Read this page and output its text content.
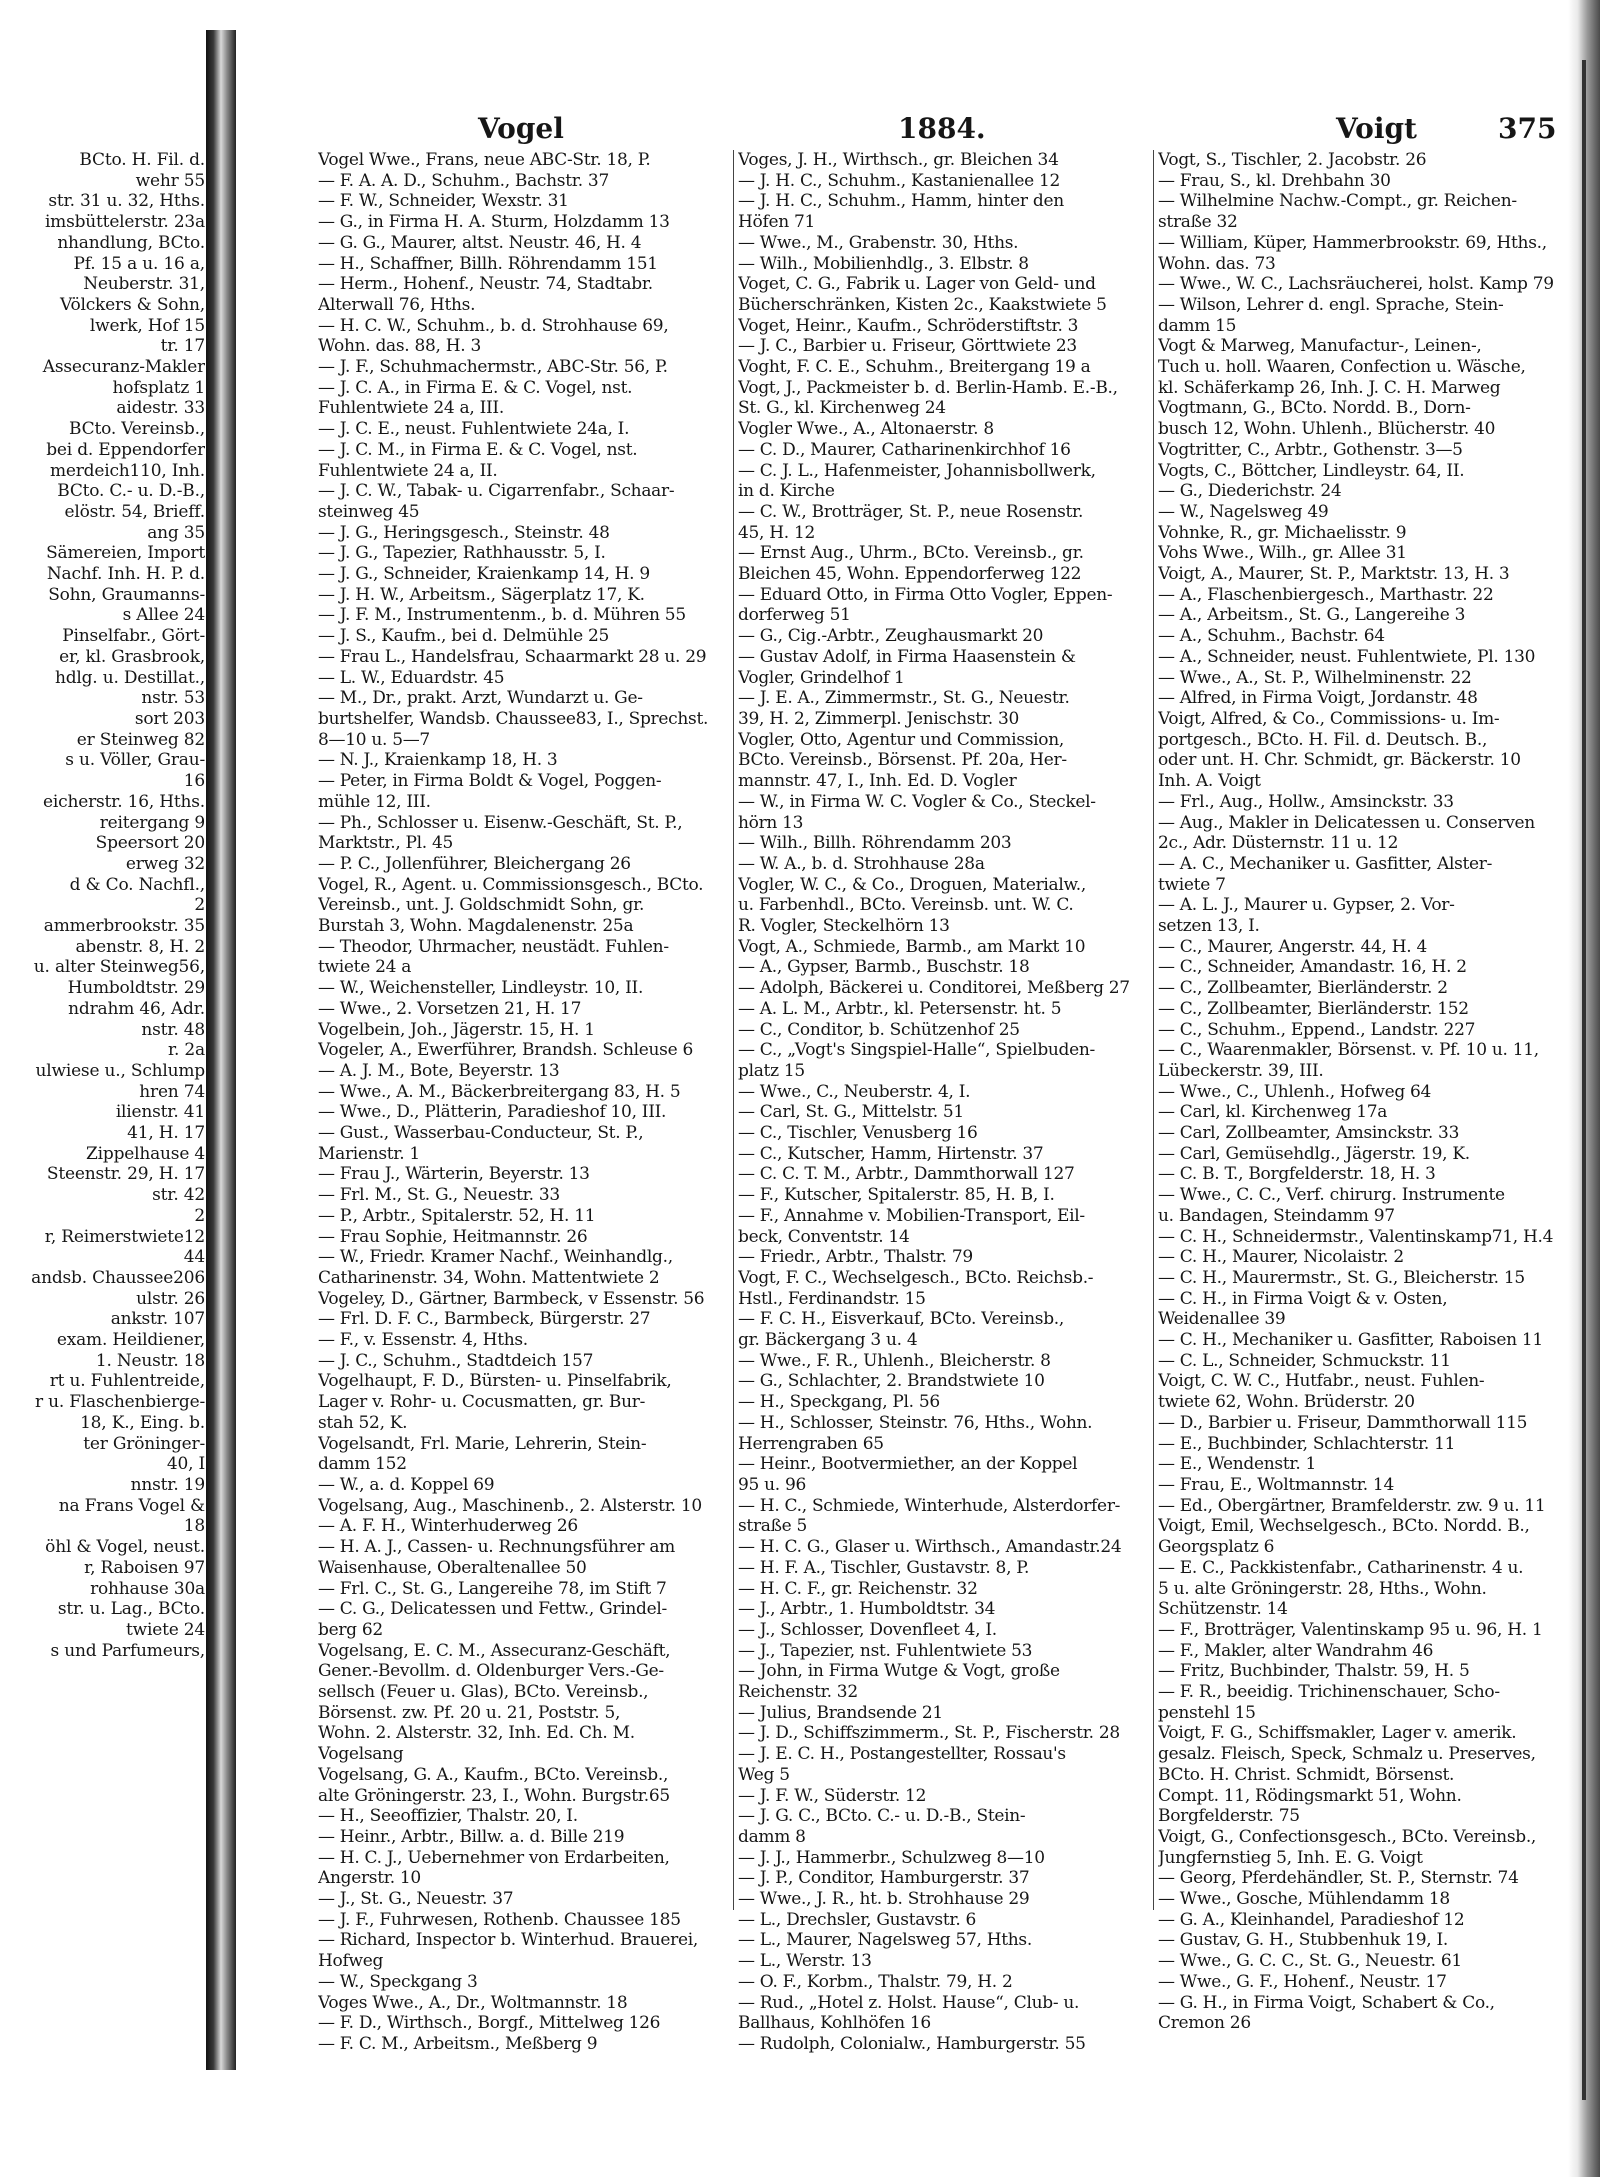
BCto. H. Fil. d.
wehr 55
str. 31 u. 32, Hths.
imsbüttelerstr. 23a
nhandlung, BCto.
Pf. 15 a u. 16 a,
Neuberstr. 31,
Völckers & Sohn,
lwerk, Hof 15
tr. 17
Assecuranz-Makler
hofsplatz 1
aidestr. 33
BCto. Vereinsb.,
bei d. Eppendorfer
merdeich110, Inh.
BCto. C.- u. D.-B.,
elöstr. 54, Brieff.
ang 35
Sämereien, Import
Nachf. Inh. H. P. d.
Sohn, Graumanns-
s Allee 24
Pinselfabr., Gört-
er, kl. Grasbrook,
hdlg. u. Destillat.,
nstr. 53
sort 203
er Steinweg 82
s u. Völler, Grau-
16
eicherstr. 16, Hths.
reitergang 9
Speersort 20
erweg 32
d & Co. Nachfl.,
2
ammerbrookstr. 35
abenstr. 8, H. 2
u. alter Steinweg56,
Humboldtstr. 29
ndrahm 46, Adr.
nstr. 48
r. 2a
ulwiese u., Schlump
hren 74
ilienstr. 41
41, H. 17
Zippelhause 4
Steenstr. 29, H. 17
str. 42
2
r, Reimerstwiete12
44
andsb. Chaussee206
ulstr. 26
ankstr. 107
exam. Heildiener,
1. Neustr. 18
rt u. Fuhlentreide,
r u. Flaschenbierge-
18, K., Eing. b.
ter Gröninger-
40, I
nnstr. 19
na Frans Vogel &
18
öhl & Vogel, neust.
r, Raboisen 97
rohhause 30a
str. u. Lag., BCto.
twiete 24
s und Parfumeurs,
Vogel	1884.	Voigt	375
Vogel Wwe., Frans, neue ABC-Str. 18, P.
— F. A. A. D., Schuhm., Bachstr. 37
— F. W., Schneider, Wexstr. 31
— G., in Firma H. A. Sturm, Holzdamm 13
— G. G., Maurer, altst. Neustr. 46, H. 4
— H., Schaffner, Billh. Röhrendamm 151
— Herm., Hohenf., Neustr. 74, Stadtabr.
Alterwall 76, Hths.
— H. C. W., Schuhm., b. d. Strohhause 69,
Wohn. das. 88, H. 3
— J. F., Schuhmachermstr., ABC-Str. 56, P.
— J. C. A., in Firma E. & C. Vogel, nst.
Fuhlentwiete 24 a, III.
— J. C. E., neust. Fuhlentwiete 24a, I.
— J. C. M., in Firma E. & C. Vogel, nst.
Fuhlentwiete 24 a, II.
— J. C. W., Tabak- u. Cigarrenfabr., Schaar-
steinweg 45
— J. G., Heringsgesch., Steinstr. 48
— J. G., Tapezier, Rathhausstr. 5, I.
— J. G., Schneider, Kraienkamp 14, H. 9
— J. H. W., Arbeitsm., Sägerplatz 17, K.
— J. F. M., Instrumentenm., b. d. Mühren 55
— J. S., Kaufm., bei d. Delmühle 25
— Frau L., Handelsfrau, Schaarmarkt 28 u. 29
— L. W., Eduardstr. 45
— M., Dr., prakt. Arzt, Wundarzt u. Ge-
burtshelfer, Wandsb. Chaussee83, I., Sprechst.
8—10 u. 5—7
— N. J., Kraienkamp 18, H. 3
— Peter, in Firma Boldt & Vogel, Poggen-
mühle 12, III.
— Ph., Schlosser u. Eisenw.-Geschäft, St. P.,
Marktstr., Pl. 45
— P. C., Jollenführer, Bleichergang 26
Vogel, R., Agent. u. Commissionsgesch., BCto.
Vereinsb., unt. J. Goldschmidt Sohn, gr.
Burstah 3, Wohn. Magdalenenstr. 25a
— Theodor, Uhrmacher, neustädt. Fuhlen-
twiete 24 a
— W., Weichensteller, Lindleystr. 10, II.
— Wwe., 2. Vorsetzen 21, H. 17
Vogelbein, Joh., Jägerstr. 15, H. 1
Vogeler, A., Ewerführer, Brandsh. Schleuse 6
— A. J. M., Bote, Beyerstr. 13
— Wwe., A. M., Bäckerbreitergang 83, H. 5
— Wwe., D., Plätterin, Paradieshof 10, III.
— Gust., Wasserbau-Conducteur, St. P.,
Marienstr. 1
— Frau J., Wärterin, Beyerstr. 13
— Frl. M., St. G., Neuestr. 33
— P., Arbtr., Spitalerstr. 52, H. 11
— Frau Sophie, Heitmannstr. 26
— W., Friedr. Kramer Nachf., Weinhandlg.,
Catharinenstr. 34, Wohn. Mattentwiete 2
Vogeley, D., Gärtner, Barmbeck, v Essenstr. 56
— Frl. D. F. C., Barmbeck, Bürgerstr. 27
— F., v. Essenstr. 4, Hths.
— J. C., Schuhm., Stadtdeich 157
Vogelhaupt, F. D., Bürsten- u. Pinselfabrik,
Lager v. Rohr- u. Cocusmatten, gr. Bur-
stah 52, K.
Vogelsandt, Frl. Marie, Lehrerin, Stein-
damm 152
— W., a. d. Koppel 69
Vogelsang, Aug., Maschinenb., 2. Alsterstr. 10
— A. F. H., Winterhuderweg 26
— H. A. J., Cassen- u. Rechnungsführer am
Waisenhause, Oberaltenallee 50
— Frl. C., St. G., Langereihe 78, im Stift 7
— C. G., Delicatessen und Fettw., Grindel-
berg 62
Vogelsang, E. C. M., Assecuranz-Geschäft,
Gener.-Bevollm. d. Oldenburger Vers.-Ge-
sellsch (Feuer u. Glas), BCto. Vereinsb.,
Börsenst. zw. Pf. 20 u. 21, Poststr. 5,
Wohn. 2. Alsterstr. 32, Inh. Ed. Ch. M.
Vogelsang
Vogelsang, G. A., Kaufm., BCto. Vereinsb.,
alte Gröningerstr. 23, I., Wohn. Burgstr.65
— H., Seeoffizier, Thalstr. 20, I.
— Heinr., Arbtr., Billw. a. d. Bille 219
— H. C. J., Uebernehmer von Erdarbeiten,
Angerstr. 10
— J., St. G., Neuestr. 37
— J. F., Fuhrwesen, Rothenb. Chaussee 185
— Richard, Inspector b. Winterhud. Brauerei,
Hofweg
— W., Speckgang 3
Voges Wwe., A., Dr., Woltmannstr. 18
— F. D., Wirthsch., Borgf., Mittelweg 126
— F. C. M., Arbeitsm., Meßberg 9
Voges, J. H., Wirthsch., gr. Bleichen 34
— J. H. C., Schuhm., Kastanienallee 12
— J. H. C., Schuhm., Hamm, hinter den
Höfen 71
— Wwe., M., Grabenstr. 30, Hths.
— Wilh., Mobilienhdlg., 3. Elbstr. 8
Voget, C. G., Fabrik u. Lager von Geld- und
Bücherschränken, Kisten 2c., Kaakstwiete 5
Voget, Heinr., Kaufm., Schröderstiftstr. 3
— J. C., Barbier u. Friseur, Görttwiete 23
Voght, F. C. E., Schuhm., Breitergang 19 a
Vogt, J., Packmeister b. d. Berlin-Hamb. E.-B.,
St. G., kl. Kirchenweg 24
Vogler Wwe., A., Altonaerstr. 8
— C. D., Maurer, Catharinenkirchhof 16
— C. J. L., Hafenmeister, Johannisbollwerk,
in d. Kirche
— C. W., Brotträger, St. P., neue Rosenstr.
45, H. 12
— Ernst Aug., Uhrm., BCto. Vereinsb., gr.
Bleichen 45, Wohn. Eppendorferweg 122
— Eduard Otto, in Firma Otto Vogler, Eppen-
dorferweg 51
— G., Cig.-Arbtr., Zeughausmarkt 20
— Gustav Adolf, in Firma Haasenstein &
Vogler, Grindelhof 1
— J. E. A., Zimmermstr., St. G., Neuestr.
39, H. 2, Zimmerpl. Jenischstr. 30
Vogler, Otto, Agentur und Commission,
BCto. Vereinsb., Börsenst. Pf. 20a, Her-
mannstr. 47, I., Inh. Ed. D. Vogler
— W., in Firma W. C. Vogler & Co., Steckel-
hörn 13
— Wilh., Billh. Röhrendamm 203
— W. A., b. d. Strohhause 28a
Vogler, W. C., & Co., Droguen, Materialw.,
u. Farbenhdl., BCto. Vereinsb. unt. W. C.
R. Vogler, Steckelhörn 13
Vogt, A., Schmiede, Barmb., am Markt 10
— A., Gypser, Barmb., Buschstr. 18
— Adolph, Bäckerei u. Conditorei, Meßberg 27
— A. L. M., Arbtr., kl. Petersenstr. ht. 5
— C., Conditor, b. Schützenhof 25
— C., „Vogt's Singspiel-Halle“, Spielbuden-
platz 15
— Wwe., C., Neuberstr. 4, I.
— Carl, St. G., Mittelstr. 51
— C., Tischler, Venusberg 16
— C., Kutscher, Hamm, Hirtenstr. 37
— C. C. T. M., Arbtr., Dammthorwall 127
— F., Kutscher, Spitalerstr. 85, H. B, I.
— F., Annahme v. Mobilien-Transport, Eil-
beck, Conventstr. 14
— Friedr., Arbtr., Thalstr. 79
Vogt, F. C., Wechselgesch., BCto. Reichsb.-
Hstl., Ferdinandstr. 15
— F. C. H., Eisverkauf, BCto. Vereinsb.,
gr. Bäckergang 3 u. 4
— Wwe., F. R., Uhlenh., Bleicherstr. 8
— G., Schlachter, 2. Brandstwiete 10
— H., Speckgang, Pl. 56
— H., Schlosser, Steinstr. 76, Hths., Wohn.
Herrengraben 65
— Heinr., Bootvermiether, an der Koppel
95 u. 96
— H. C., Schmiede, Winterhude, Alsterdorfer-
straße 5
— H. C. G., Glaser u. Wirthsch., Amandastr.24
— H. F. A., Tischler, Gustavstr. 8, P.
— H. C. F., gr. Reichenstr. 32
— J., Arbtr., 1. Humboldtstr. 34
— J., Schlosser, Dovenfleet 4, I.
— J., Tapezier, nst. Fuhlentwiete 53
— John, in Firma Wutge & Vogt, große
Reichenstr. 32
— Julius, Brandsende 21
— J. D., Schiffszimmerm., St. P., Fischerstr. 28
— J. E. C. H., Postangestellter, Rossau's
Weg 5
— J. F. W., Süderstr. 12
— J. G. C., BCto. C.- u. D.-B., Stein-
damm 8
— J. J., Hammerbr., Schulzweg 8—10
— J. P., Conditor, Hamburgerstr. 37
— Wwe., J. R., ht. b. Strohhause 29
— L., Drechsler, Gustavstr. 6
— L., Maurer, Nagelsweg 57, Hths.
— L., Werstr. 13
— O. F., Korbm., Thalstr. 79, H. 2
— Rud., „Hotel z. Holst. Hause“, Club- u.
Ballhaus, Kohlhöfen 16
— Rudolph, Colonialw., Hamburgerstr. 55
Vogt, S., Tischler, 2. Jacobstr. 26
— Frau, S., kl. Drehbahn 30
— Wilhelmine Nachw.-Compt., gr. Reichen-
straße 32
— William, Küper, Hammerbrookstr. 69, Hths.,
Wohn. das. 73
— Wwe., W. C., Lachsräucherei, holst. Kamp 79
— Wilson, Lehrer d. engl. Sprache, Stein-
damm 15
Vogt & Marweg, Manufactur-, Leinen-,
Tuch u. holl. Waaren, Confection u. Wäsche,
kl. Schäferkamp 26, Inh. J. C. H. Marweg
Vogtmann, G., BCto. Nordd. B., Dorn-
busch 12, Wohn. Uhlenh., Blücherstr. 40
Vogtritter, C., Arbtr., Gothenstr. 3—5
Vogts, C., Böttcher, Lindleystr. 64, II.
— G., Diederichstr. 24
— W., Nagelsweg 49
Vohnke, R., gr. Michaelisstr. 9
Vohs Wwe., Wilh., gr. Allee 31
Voigt, A., Maurer, St. P., Marktstr. 13, H. 3
— A., Flaschenbiergesch., Marthastr. 22
— A., Arbeitsm., St. G., Langereihe 3
— A., Schuhm., Bachstr. 64
— A., Schneider, neust. Fuhlentwiete, Pl. 130
— Wwe., A., St. P., Wilhelminenstr. 22
— Alfred, in Firma Voigt, Jordanstr. 48
Voigt, Alfred, & Co., Commissions- u. Im-
portgesch., BCto. H. Fil. d. Deutsch. B.,
oder unt. H. Chr. Schmidt, gr. Bäckerstr. 10
Inh. A. Voigt
— Frl., Aug., Hollw., Amsinckstr. 33
— Aug., Makler in Delicatessen u. Conserven
2c., Adr. Düsternstr. 11 u. 12
— A. C., Mechaniker u. Gasfitter, Alster-
twiete 7
— A. L. J., Maurer u. Gypser, 2. Vor-
setzen 13, I.
— C., Maurer, Angerstr. 44, H. 4
— C., Schneider, Amandastr. 16, H. 2
— C., Zollbeamter, Bierländerstr. 2
— C., Zollbeamter, Bierländerstr. 152
— C., Schuhm., Eppend., Landstr. 227
— C., Waarenmakler, Börsenst. v. Pf. 10 u. 11,
Lübeckerstr. 39, III.
— Wwe., C., Uhlenh., Hofweg 64
— Carl, kl. Kirchenweg 17a
— Carl, Zollbeamter, Amsinckstr. 33
— Carl, Gemüsehdlg., Jägerstr. 19, K.
— C. B. T., Borgfelderstr. 18, H. 3
— Wwe., C. C., Verf. chirurg. Instrumente
u. Bandagen, Steindamm 97
— C. H., Schneidermstr., Valentinskamp71, H.4
— C. H., Maurer, Nicolaistr. 2
— C. H., Maurermstr., St. G., Bleicherstr. 15
— C. H., in Firma Voigt & v. Osten,
Weidenallee 39
— C. H., Mechaniker u. Gasfitter, Raboisen 11
— C. L., Schneider, Schmuckstr. 11
Voigt, C. W. C., Hutfabr., neust. Fuhlen-
twiete 62, Wohn. Brüderstr. 20
— D., Barbier u. Friseur, Dammthorwall 115
— E., Buchbinder, Schlachterstr. 11
— E., Wendenstr. 1
— Frau, E., Woltmannstr. 14
— Ed., Obergärtner, Bramfelderstr. zw. 9 u. 11
Voigt, Emil, Wechselgesch., BCto. Nordd. B.,
Georgsplatz 6
— E. C., Packkistenfabr., Catharinenstr. 4 u.
5 u. alte Gröningerstr. 28, Hths., Wohn.
Schützenstr. 14
— F., Brotträger, Valentinskamp 95 u. 96, H. 1
— F., Makler, alter Wandrahm 46
— Fritz, Buchbinder, Thalstr. 59, H. 5
— F. R., beeidig. Trichinenschauer, Scho-
penstehl 15
Voigt, F. G., Schiffsmakler, Lager v. amerik.
gesalz. Fleisch, Speck, Schmalz u. Preserves,
BCto. H. Christ. Schmidt, Börsenst.
Compt. 11, Rödingsmarkt 51, Wohn.
Borgfelderstr. 75
Voigt, G., Confectionsgesch., BCto. Vereinsb.,
Jungfernstieg 5, Inh. E. G. Voigt
— Georg, Pferdehändler, St. P., Sternstr. 74
— Wwe., Gosche, Mühlendamm 18
— G. A., Kleinhandel, Paradieshof 12
— Gustav, G. H., Stubbenhuk 19, I.
— Wwe., G. C. C., St. G., Neuestr. 61
— Wwe., G. F., Hohenf., Neustr. 17
— G. H., in Firma Voigt, Schabert & Co.,
Cremon 26
